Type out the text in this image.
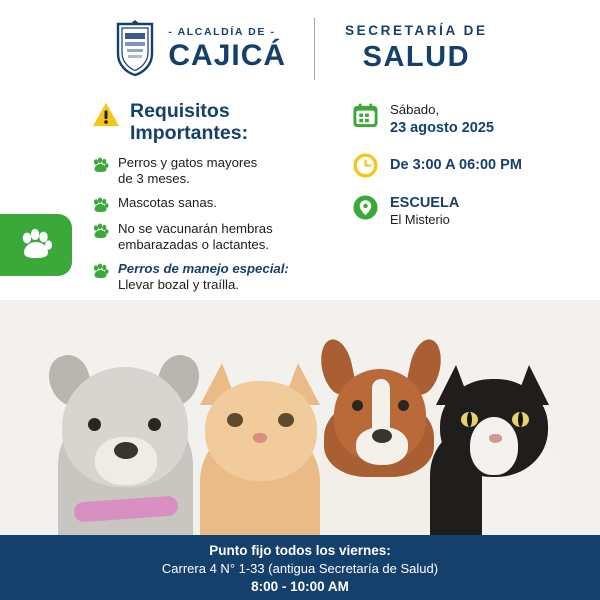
- ALCALDÍA DE -
CAJICÁ
SECRETARÍA DE
SALUD
Requisitos
Importantes:
Perros y gatos mayores
de 3 meses.
Mascotas sanas.
No se vacunarán hembras
embarazadas o lactantes.
Perros de manejo especial:
Llevar bozal y traílla.
Sábado,
23 agosto 2025
De 3:00 A 06:00 PM
ESCUELA
El Misterio
Punto fijo todos los viernes:
Carrera 4 N° 1-33 (antigua Secretaría de Salud)
8:00 - 10:00 AM
